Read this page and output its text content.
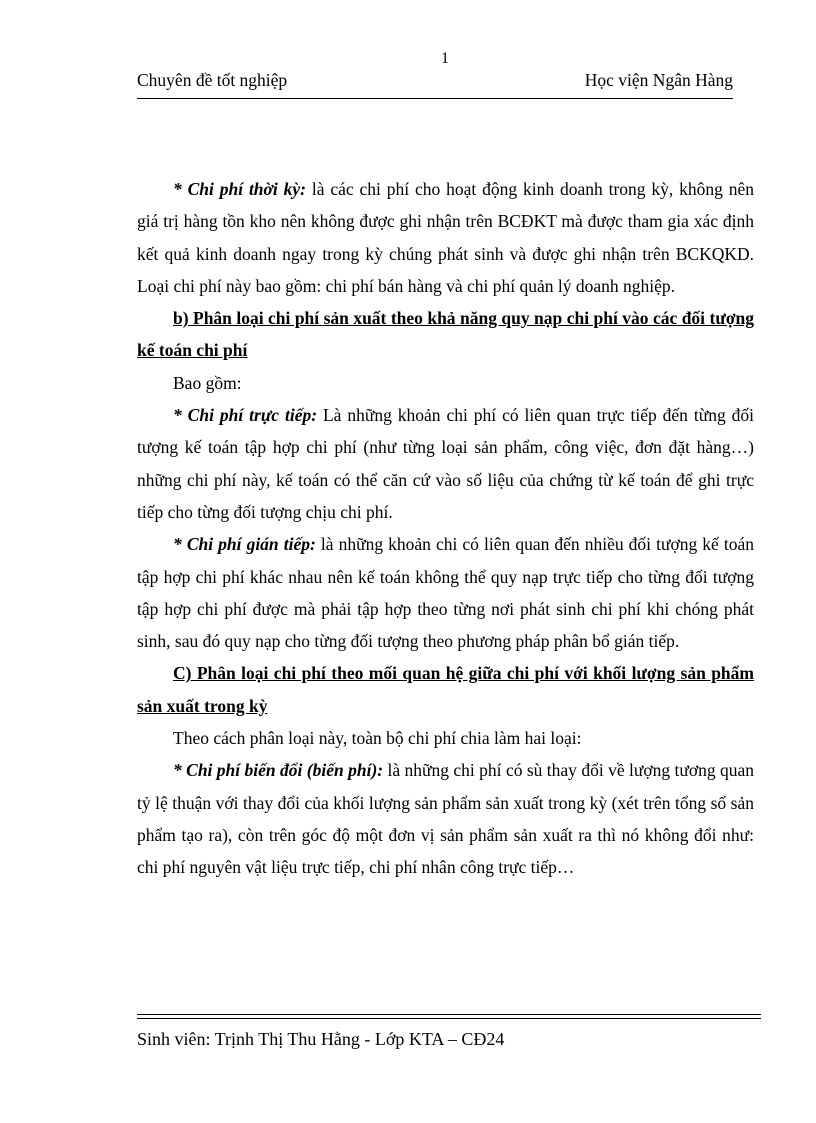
1
Chuyên đề tốt nghiệp	Học viện Ngân Hàng

* Chi phí thời kỳ: là các chi phí cho hoạt động kinh doanh trong kỳ, không nên giá trị hàng tồn kho nên không được ghi nhận trên BCĐKT mà được tham gia xác định kết quả kinh doanh ngay trong kỳ chúng phát sinh và được ghi nhận trên BCKQKD. Loại chi phí này bao gồm: chi phí bán hàng và chi phí quản lý doanh nghiệp.

b) Phân loại chi phí sản xuất theo khả năng quy nạp chi phí vào các đối tượng kế toán chi phí

Bao gồm:

* Chi phí trực tiếp: Là những khoản chi phí có liên quan trực tiếp đến từng đối tượng kế toán tập hợp chi phí (như từng loại sản phẩm, công việc, đơn đặt hàng…) những chi phí này, kế toán có thể căn cứ vào số liệu của chứng từ kế toán để ghi trực tiếp cho từng đối tượng chịu chi phí.

* Chi phí gián tiếp: là những khoản chi có liên quan đến nhiều đối tượng kế toán tập hợp chi phí khác nhau nên kế toán không thể quy nạp trực tiếp cho từng đối tượng tập hợp chi phí được mà phải tập hợp theo từng nơi phát sinh chi phí khi chóng phát sinh, sau đó quy nạp cho từng đối tượng theo phương pháp phân bổ gián tiếp.

C) Phân loại chi phí theo mối quan hệ giữa chi phí với khối lượng sản phẩm sản xuất trong kỳ

Theo cách phân loại này, toàn bộ chi phí chia làm hai loại:

* Chi phí biến đổi (biến phí): là những chi phí có sù thay đổi về lượng tương quan tỷ lệ thuận với thay đổi của khối lượng sản phẩm sản xuất trong kỳ (xét trên tổng số sản phẩm tạo ra), còn trên góc độ một đơn vị sản phẩm sản xuất ra thì nó không đổi như: chi phí nguyên vật liệu trực tiếp, chi phí nhân công trực tiếp…

Sinh viên: Trịnh Thị Thu Hằng - Lớp KTA – CĐ24
